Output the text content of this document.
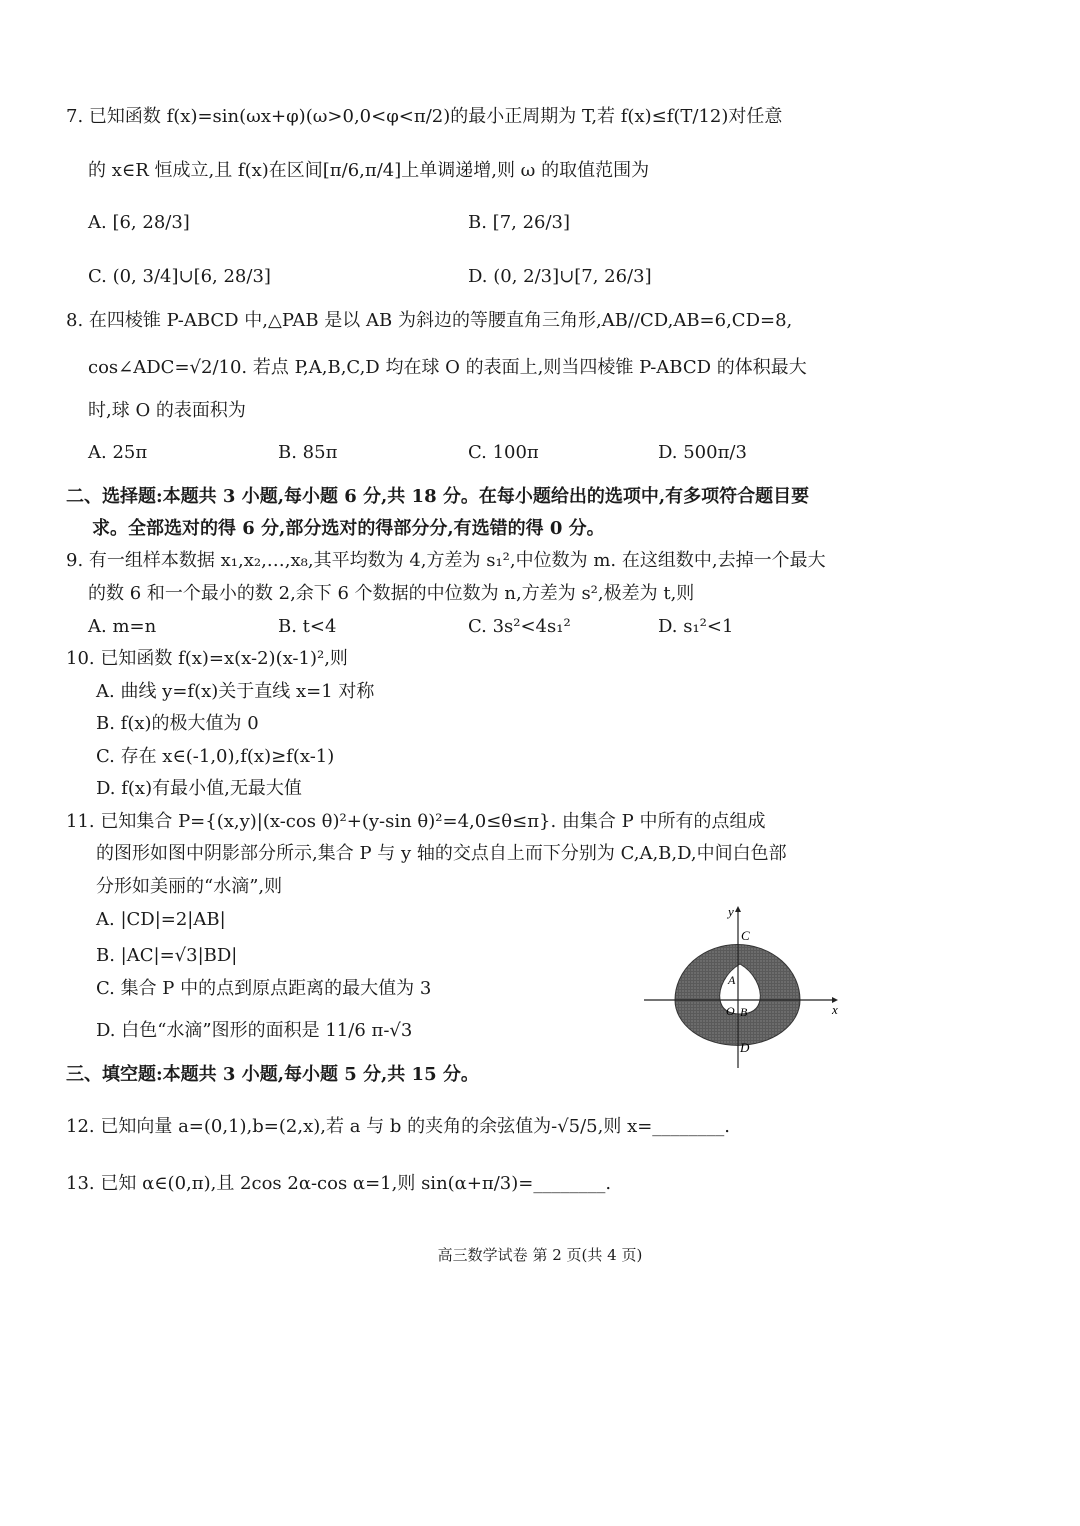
7. 已知函数 f(x)=sin(ωx+φ)(ω>0,0<φ<π/2)的最小正周期为 T,若 f(x)≤f(T/12)对任意
的 x∈R 恒成立,且 f(x)在区间[π/6,π/4]上单调递增,则 ω 的取值范围为
A. [6, 28/3]	B. [7, 26/3]
C. (0, 3/4]∪[6, 28/3]	D. (0, 2/3]∪[7, 26/3]
8. 在四棱锥 P-ABCD 中,△PAB 是以 AB 为斜边的等腰直角三角形,AB//CD,AB=6,CD=8,
cos∠ADC=√2/10. 若点 P,A,B,C,D 均在球 O 的表面上,则当四棱锥 P-ABCD 的体积最大
时,球 O 的表面积为
A. 25π	B. 85π	C. 100π	D. 500π/3
二、选择题:本题共 3 小题,每小题 6 分,共 18 分。在每小题给出的选项中,有多项符合题目要
求。全部选对的得 6 分,部分选对的得部分分,有选错的得 0 分。
9. 有一组样本数据 x₁,x₂,…,x₈,其平均数为 4,方差为 s₁²,中位数为 m. 在这组数中,去掉一个最大
的数 6 和一个最小的数 2,余下 6 个数据的中位数为 n,方差为 s²,极差为 t,则
A. m=n	B. t<4	C. 3s²<4s₁²	D. s₁²<1
10. 已知函数 f(x)=x(x-2)(x-1)²,则
A. 曲线 y=f(x)关于直线 x=1 对称
B. f(x)的极大值为 0
C. 存在 x∈(-1,0),f(x)≥f(x-1)
D. f(x)有最小值,无最大值
11. 已知集合 P={(x,y)|(x-cos θ)²+(y-sin θ)²=4,0≤θ≤π}. 由集合 P 中所有的点组成
的图形如图中阴影部分所示,集合 P 与 y 轴的交点自上而下分别为 C,A,B,D,中间白色部
分形如美丽的“水滴”,则
A. |CD|=2|AB|
B. |AC|=√3|BD|
C. 集合 P 中的点到原点距离的最大值为 3
D. 白色“水滴”图形的面积是 11/6 π-√3
x
y
C
A
O B
D
三、填空题:本题共 3 小题,每小题 5 分,共 15 分。
12. 已知向量 a=(0,1),b=(2,x),若 a 与 b 的夹角的余弦值为-√5/5,则 x=________.
13. 已知 α∈(0,π),且 2cos 2α-cos α=1,则 sin(α+π/3)=________.
高三数学试卷 第 2 页(共 4 页)
